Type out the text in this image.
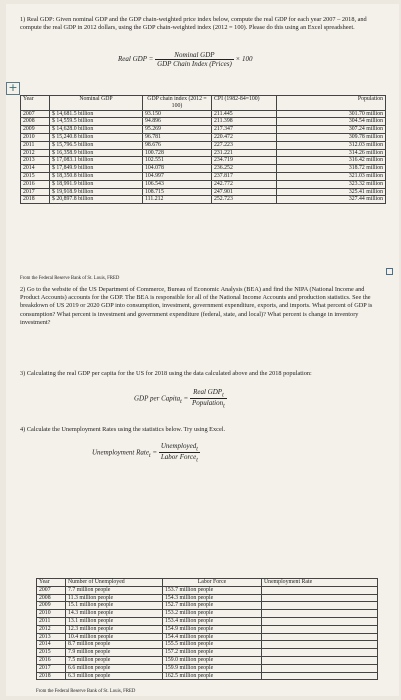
1) Real GDP: Given nominal GDP and the GDP chain-weighted price index below, compute the real GDP for each year 2007 – 2018, and compute the real GDP in 2012 dollars, using the GDP chain-weighted index (2012 = 100). Please do this using an Excel spreadsheet.
Real GDP = $\frac{\text{Nominal GDP}}{\text{GDP Chain Index (Prices)}} \times 100$
+
Year	Nominal GDP	GDP chain index (2012 = 100)	CPI (1982-84=100)	Population
2007	$ 14,681.5 billion	93.150	211.445	301.70 million
2008	$ 14,559.5 billion	94.896	211.398	304.54 million
2009	$ 14,628.0 billion	95.269	217.347	307.24 million
2010	$ 15,240.8 billion	96.781	220.472	309.78 million
2011	$ 15,796.5 billion	98.676	227.223	312.03 million
2012	$ 16,358.9 billion	100.728	231.221	314.26 million
2013	$ 17,083.1 billion	102.551	234.719	316.42 million
2014	$ 17,849.9 billion	104.078	236.252	318.72 million
2015	$ 18,350.8 billion	104.997	237.817	321.03 million
2016	$ 18,991.9 billion	106.543	242.772	323.32 million
2017	$ 19,918.9 billion	108.715	247.901	325.41 million
2018	$ 20,897.8 billion	111.212	252.723	327.44 million
From the Federal Reserve Bank of St. Louis, FRED
2) Go to the website of the US Department of Commerce, Bureau of Economic Analysis (BEA) and find the NIPA (National Income and Product Accounts) accounts for the GDP. The BEA is responsible for all of the National Income Accounts and production statistics. See the breakdown of US 2019 or 2020 GDP into consumption, investment, government expenditure, exports, and imports. What percent of GDP is consumption? What percent is investment and government expenditure (federal, state, and local)? What percent is change in inventory investment?
3) Calculating the real GDP per capita for the US for 2018 using the data calculated above and the 2018 population:
GDP per Capita$_t$ = $\frac{Real GDP_t}{Population_t}$
4) Calculate the Unemployment Rates using the statistics below. Try using Excel.
Unemployment Rate$_t$ = $\frac{Unemployed_t}{Labor Force_t}$
Year	Number of Unemployed	Labor Force	Unemployment Rate
2007	7.7 million people	153.7 million people	
2008	11.3 million people	154.3 million people	
2009	15.1 million people	152.7 million people	
2010	14.3 million people	153.2 million people	
2011	13.1 million people	153.4 million people	
2012	12.3 million people	154.9 million people	
2013	10.4 million people	154.4 million people	
2014	8.7 million people	155.5 million people	
2015	7.9 million people	157.2 million people	
2016	7.5 million people	159.0 million people	
2017	6.6 million people	159.9 million people	
2018	6.3 million people	162.5 million people	
From the Federal Reserve Bank of St. Louis, FRED
